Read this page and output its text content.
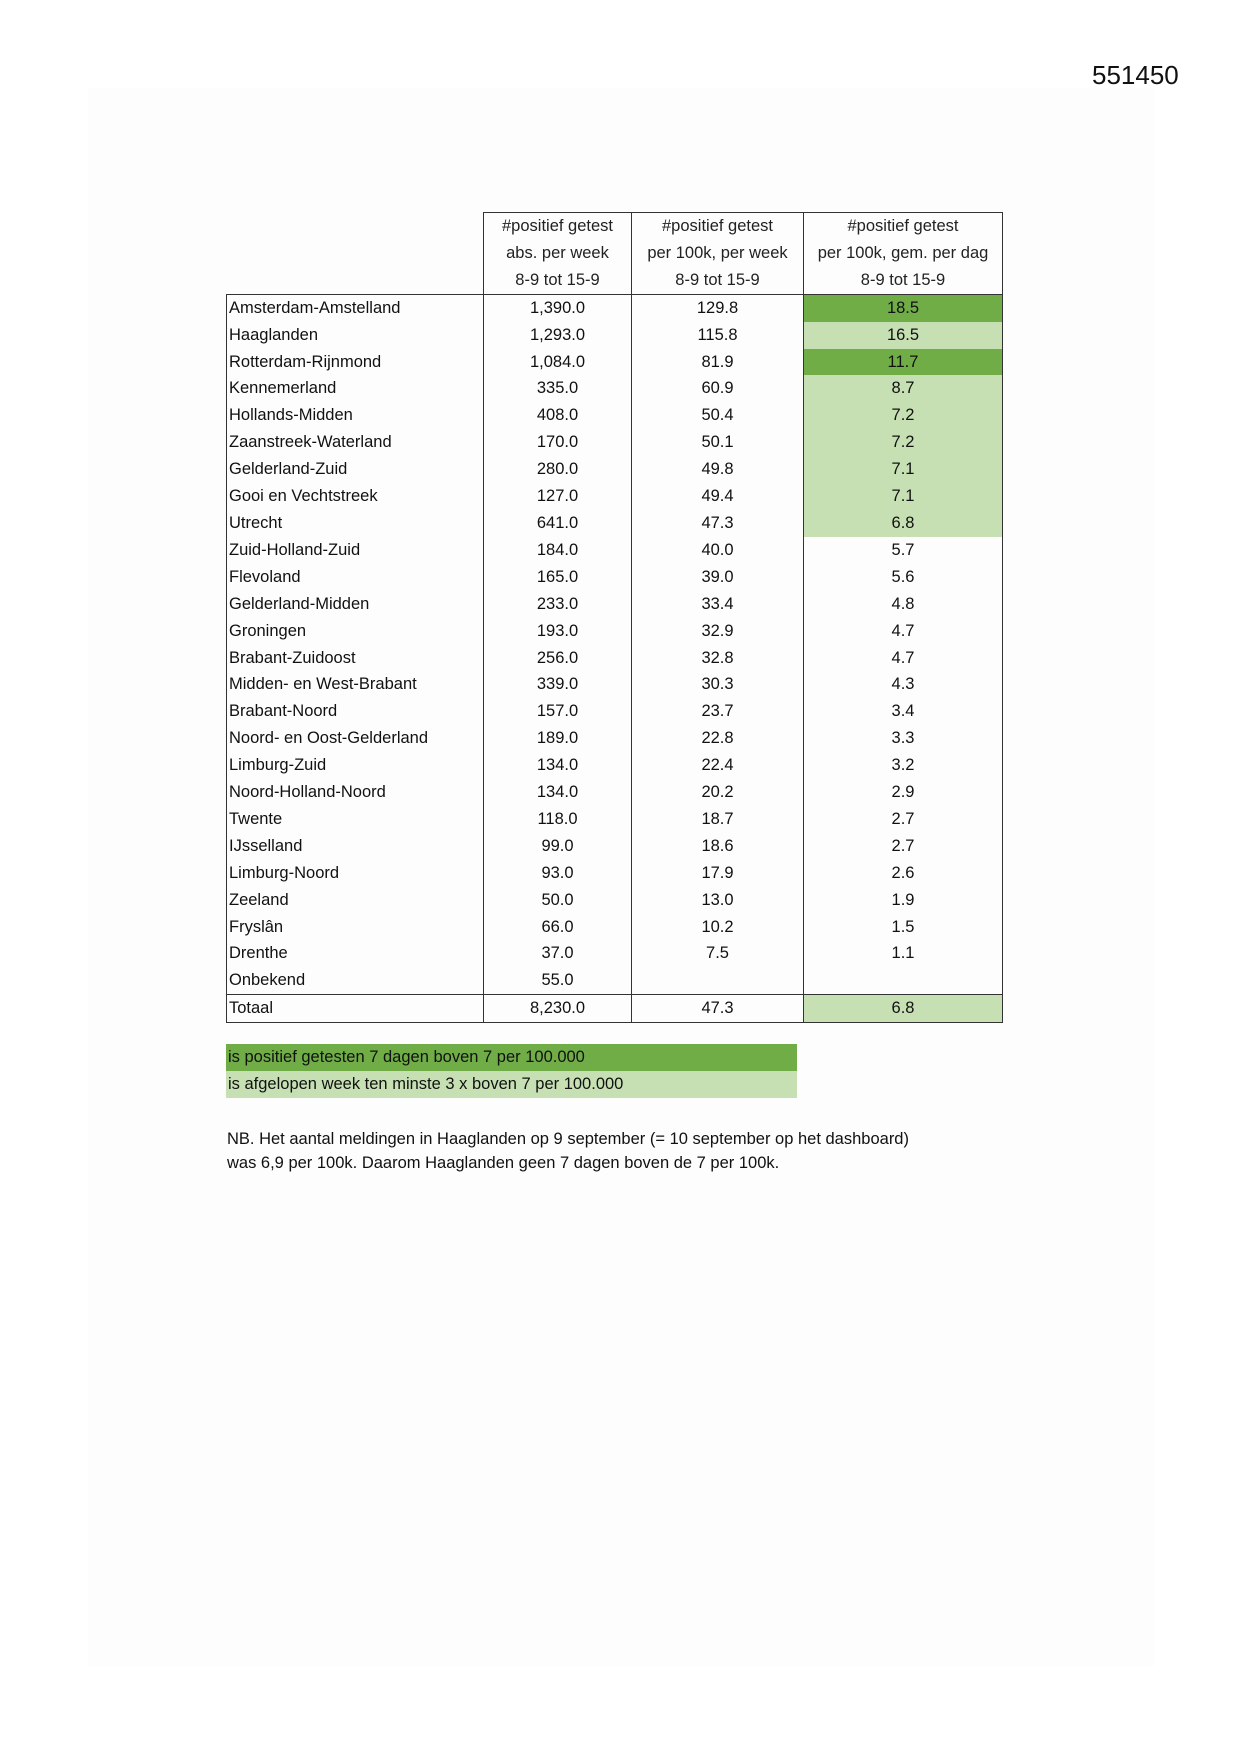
551450
	#positief getest	#positief getest	#positief getest
	abs. per week	per 100k, per week	per 100k, gem. per dag
	8-9 tot 15-9	8-9 tot 15-9	8-9 tot 15-9
Amsterdam-Amstelland	1,390.0	129.8	18.5
Haaglanden	1,293.0	115.8	16.5
Rotterdam-Rijnmond	1,084.0	81.9	11.7
Kennemerland	335.0	60.9	8.7
Hollands-Midden	408.0	50.4	7.2
Zaanstreek-Waterland	170.0	50.1	7.2
Gelderland-Zuid	280.0	49.8	7.1
Gooi en Vechtstreek	127.0	49.4	7.1
Utrecht	641.0	47.3	6.8
Zuid-Holland-Zuid	184.0	40.0	5.7
Flevoland	165.0	39.0	5.6
Gelderland-Midden	233.0	33.4	4.8
Groningen	193.0	32.9	4.7
Brabant-Zuidoost	256.0	32.8	4.7
Midden- en West-Brabant	339.0	30.3	4.3
Brabant-Noord	157.0	23.7	3.4
Noord- en Oost-Gelderland	189.0	22.8	3.3
Limburg-Zuid	134.0	22.4	3.2
Noord-Holland-Noord	134.0	20.2	2.9
Twente	118.0	18.7	2.7
IJsselland	99.0	18.6	2.7
Limburg-Noord	93.0	17.9	2.6
Zeeland	50.0	13.0	1.9
Fryslân	66.0	10.2	1.5
Drenthe	37.0	7.5	1.1
Onbekend	55.0		
Totaal	8,230.0	47.3	6.8
is positief getesten 7 dagen boven 7 per 100.000
is afgelopen week ten minste 3 x boven 7 per 100.000
NB. Het aantal meldingen in Haaglanden op 9 september (= 10 september op het dashboard)
was 6,9 per 100k. Daarom Haaglanden geen 7 dagen boven de 7 per 100k.
